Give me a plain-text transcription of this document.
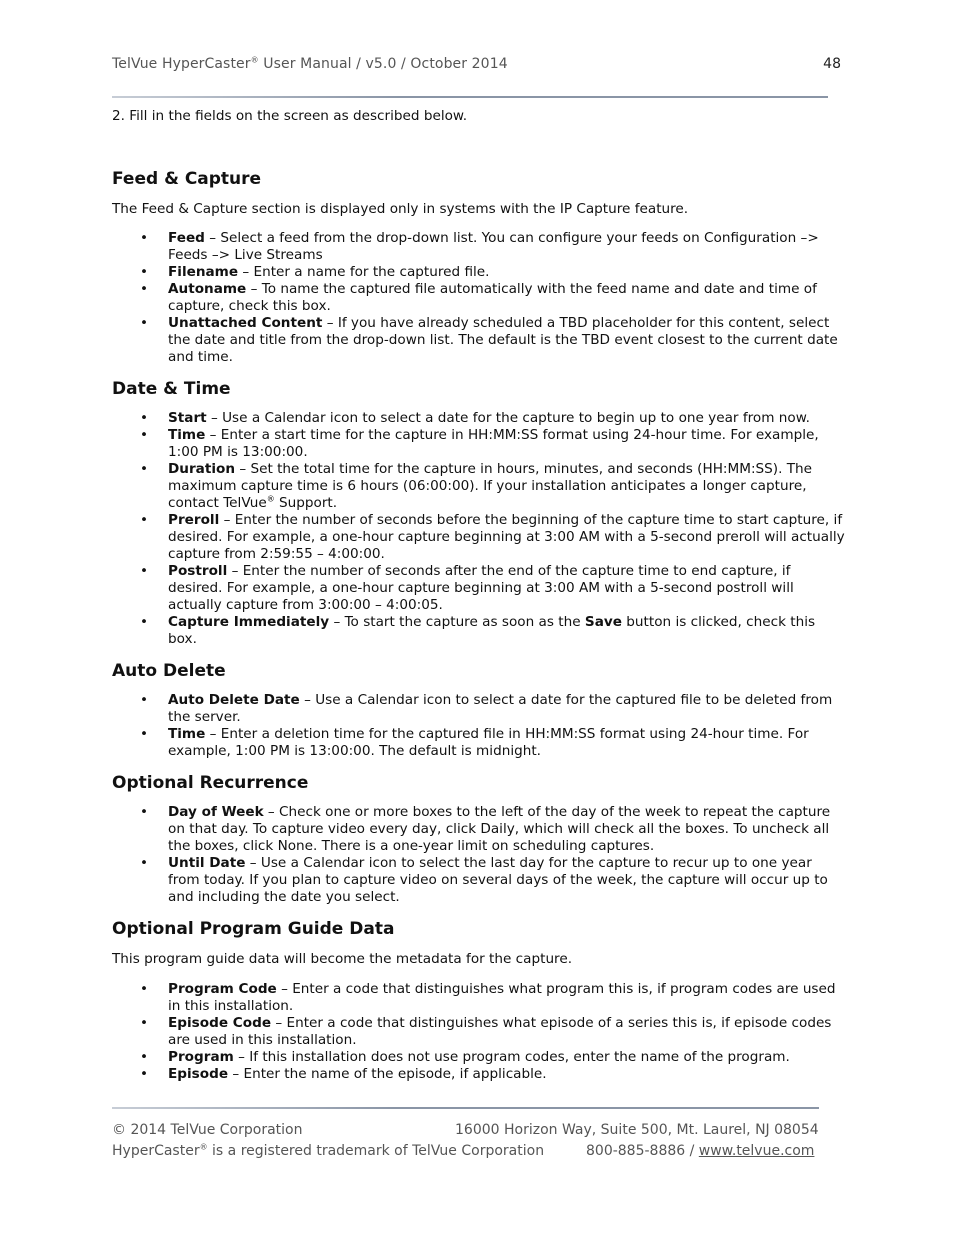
TelVue HyperCaster® User Manual / v5.0 / October 2014	48

2. Fill in the fields on the screen as described below.

Feed & Capture

The Feed & Capture section is displayed only in systems with the IP Capture feature.

• Feed – Select a feed from the drop-down list. You can configure your feeds on Configuration –> Feeds –> Live Streams
• Filename – Enter a name for the captured file.
• Autoname – To name the captured file automatically with the feed name and date and time of capture, check this box.
• Unattached Content – If you have already scheduled a TBD placeholder for this content, select the date and title from the drop-down list. The default is the TBD event closest to the current date and time.
Date & Time
• Start – Use a Calendar icon to select a date for the capture to begin up to one year from now.
• Time – Enter a start time for the capture in HH:MM:SS format using 24-hour time. For example, 1:00 PM is 13:00:00.
• Duration – Set the total time for the capture in hours, minutes, and seconds (HH:MM:SS). The maximum capture time is 6 hours (06:00:00). If your installation anticipates a longer capture, contact TelVue® Support.
• Preroll – Enter the number of seconds before the beginning of the capture time to start capture, if desired. For example, a one-hour capture beginning at 3:00 AM with a 5-second preroll will actually capture from 2:59:55 – 4:00:00.
• Postroll – Enter the number of seconds after the end of the capture time to end capture, if desired. For example, a one-hour capture beginning at 3:00 AM with a 5-second postroll will actually capture from 3:00:00 – 4:00:05.
• Capture Immediately – To start the capture as soon as the Save button is clicked, check this box.
Auto Delete
• Auto Delete Date – Use a Calendar icon to select a date for the captured file to be deleted from the server.
• Time – Enter a deletion time for the captured file in HH:MM:SS format using 24-hour time. For example, 1:00 PM is 13:00:00. The default is midnight.
Optional Recurrence
• Day of Week – Check one or more boxes to the left of the day of the week to repeat the capture on that day. To capture video every day, click Daily, which will check all the boxes. To uncheck all the boxes, click None. There is a one-year limit on scheduling captures.
• Until Date – Use a Calendar icon to select the last day for the capture to recur up to one year from today. If you plan to capture video on several days of the week, the capture will occur up to and including the date you select.
Optional Program Guide Data

This program guide data will become the metadata for the capture.

• Program Code – Enter a code that distinguishes what program this is, if program codes are used in this installation.
• Episode Code – Enter a code that distinguishes what episode of a series this is, if episode codes are used in this installation.
• Program – If this installation does not use program codes, enter the name of the program.
• Episode – Enter the name of the episode, if applicable.
© 2014 TelVue Corporation	16000 Horizon Way, Suite 500, Mt. Laurel, NJ 08054
HyperCaster® is a registered trademark of TelVue Corporation	800-885-8886 / www.telvue.com
